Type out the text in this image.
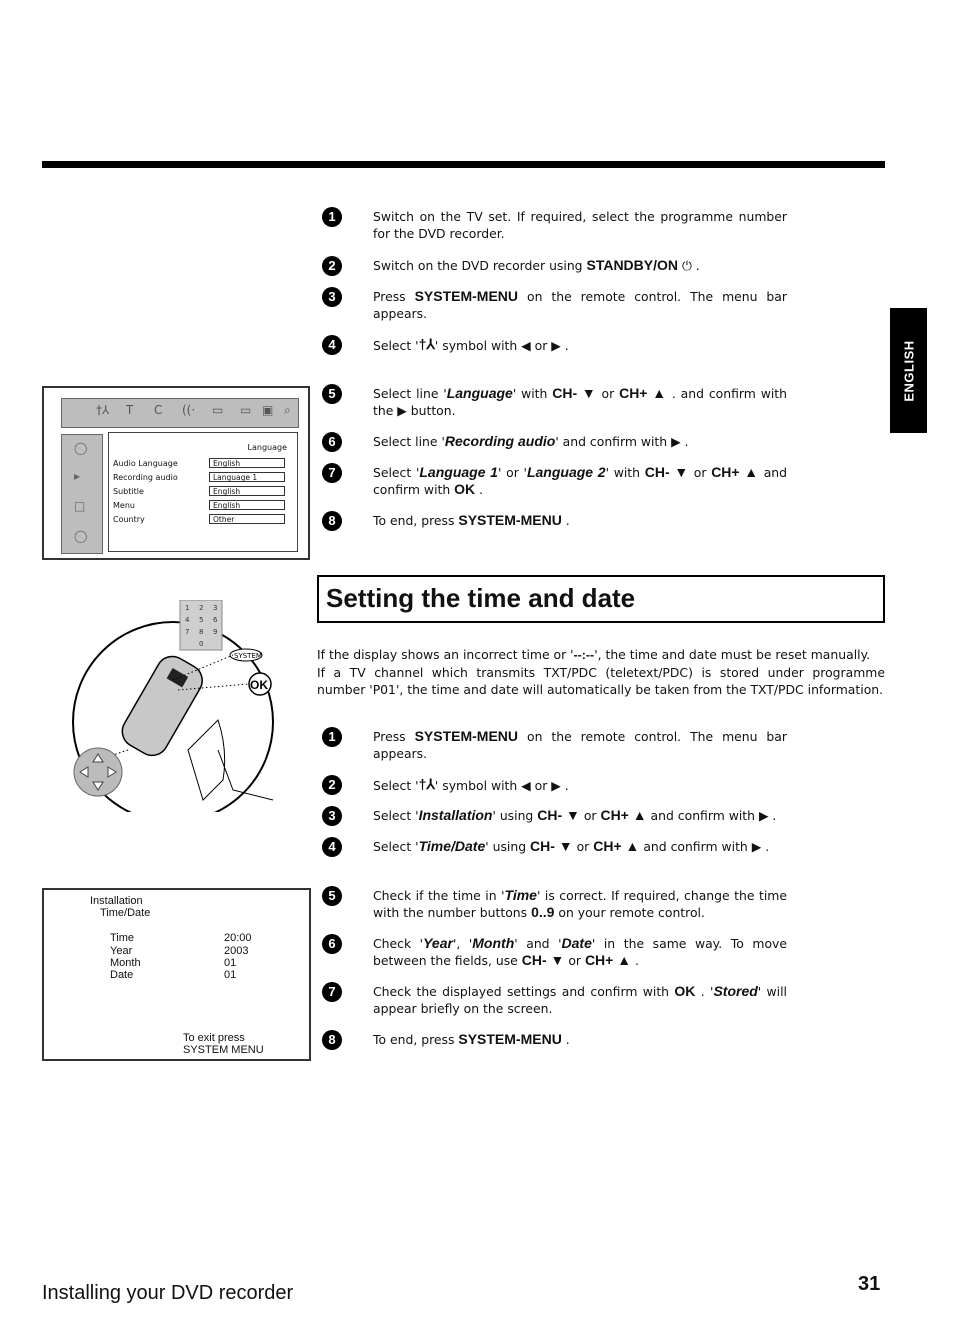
ENGLISH
1	Switch on the TV set. If required, select the programme number for the DVD recorder.
2	Switch on the DVD recorder using STANDBY/ON ⏻ .
3	Press SYSTEM-MENU on the remote control. The menu bar appears.
4	Select '†⅄' symbol with ◀ or ▶ .
5	Select line 'Language' with CH- ▼ or CH+ ▲ . and confirm with the ▶ button.
6	Select line 'Recording audio' and confirm with ▶ .
7	Select 'Language 1' or 'Language 2' with CH- ▼ or CH+ ▲ and confirm with OK .
8	To end, press SYSTEM-MENU .
†⅄ T C ((· ▭ ▭ ▣ ⌕
◯
▸
□
◯
Language
Audio Language	English
Recording audio	Language 1
Subtitle	English
Menu	English
Country	Other
1 2 3
4 5 6
7 8 9
0
SYSTEM
OK
Setting the time and date
If the display shows an incorrect time or '--:--', the time and date must be reset manually.
If a TV channel which transmits TXT/PDC (teletext/PDC) is stored under programme number 'P01', the time and date will automatically be taken from the TXT/PDC information.
1	Press SYSTEM-MENU on the remote control. The menu bar appears.
2	Select '†⅄' symbol with ◀ or ▶ .
3	Select 'Installation' using CH- ▼ or CH+ ▲ and confirm with ▶ .
4	Select 'Time/Date' using CH- ▼ or CH+ ▲ and confirm with ▶ .
5	Check if the time in 'Time' is correct. If required, change the time with the number buttons 0..9 on your remote control.
6	Check 'Year', 'Month' and 'Date' in the same way. To move between the fields, use CH- ▼ or CH+ ▲ .
7	Check the displayed settings and confirm with OK . 'Stored' will appear briefly on the screen.
8	To end, press SYSTEM-MENU .
Installation
Time/Date
Time	20:00
Year	2003
Month	01
Date	01
To exit press
SYSTEM MENU
Installing your DVD recorder	31
